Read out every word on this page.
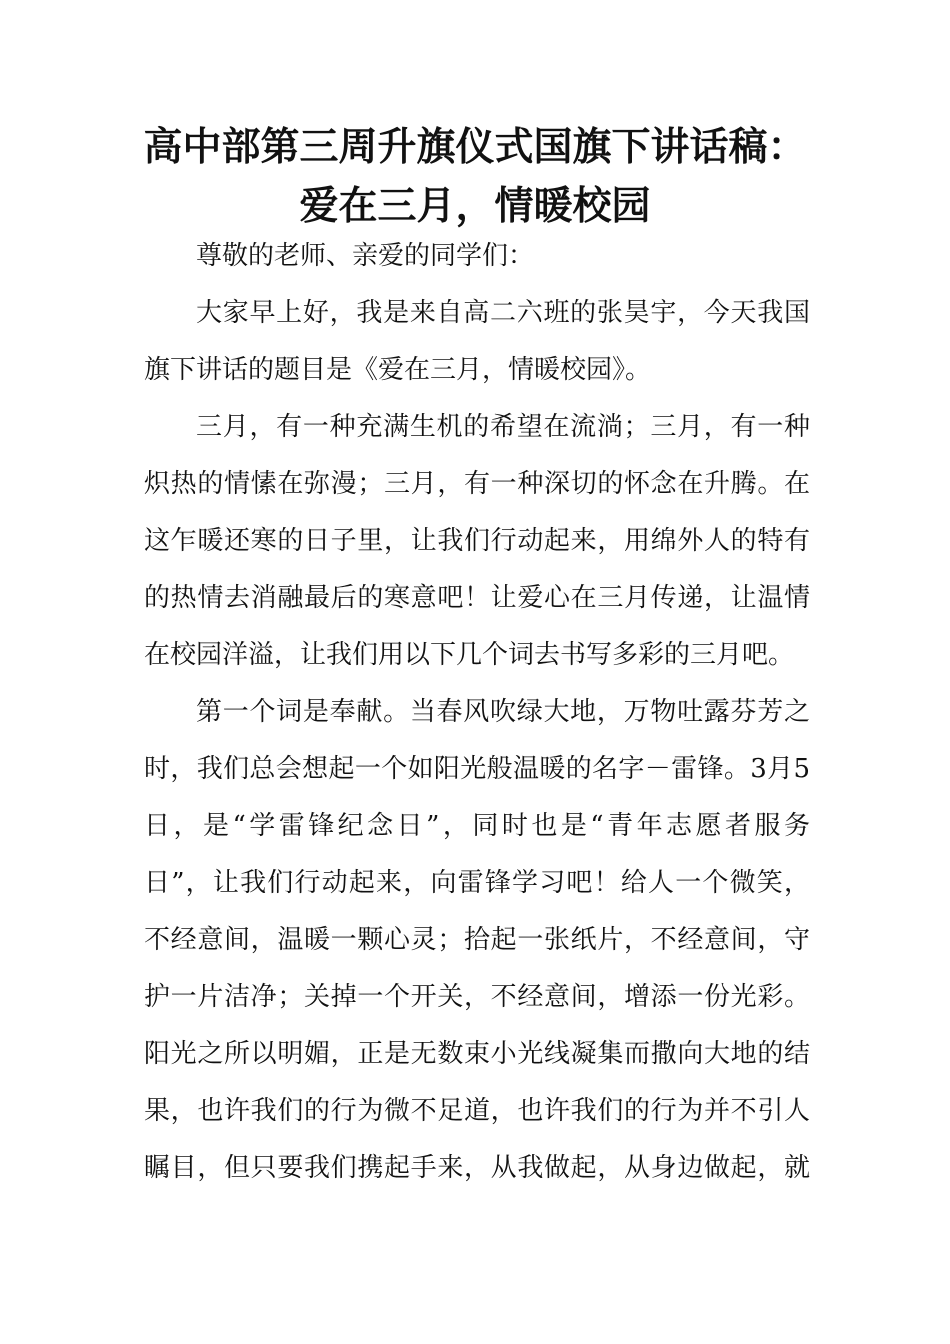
高中部第三周升旗仪式国旗下讲话稿：
爱在三月，情暖校园
尊敬的老师、亲爱的同学们：
大家早上好，我是来自高二六班的张昊宇，今天我国
旗下讲话的题目是《爱在三月，情暖校园》。
三月，有一种充满生机的希望在流淌；三月，有一种
炽热的情愫在弥漫；三月，有一种深切的怀念在升腾。在
这乍暖还寒的日子里，让我们行动起来，用绵外人的特有
的热情去消融最后的寒意吧！让爱心在三月传递，让温情
在校园洋溢，让我们用以下几个词去书写多彩的三月吧。
第一个词是奉献。当春风吹绿大地，万物吐露芬芳之
时，我们总会想起一个如阳光般温暖的名字－雷锋。3月5
日，是“学雷锋纪念日”，同时也是“青年志愿者服务
日”，让我们行动起来，向雷锋学习吧！给人一个微笑，
不经意间，温暖一颗心灵；拾起一张纸片，不经意间，守
护一片洁净；关掉一个开关，不经意间，增添一份光彩。
阳光之所以明媚，正是无数束小光线凝集而撒向大地的结
果，也许我们的行为微不足道，也许我们的行为并不引人
瞩目，但只要我们携起手来，从我做起，从身边做起，就
